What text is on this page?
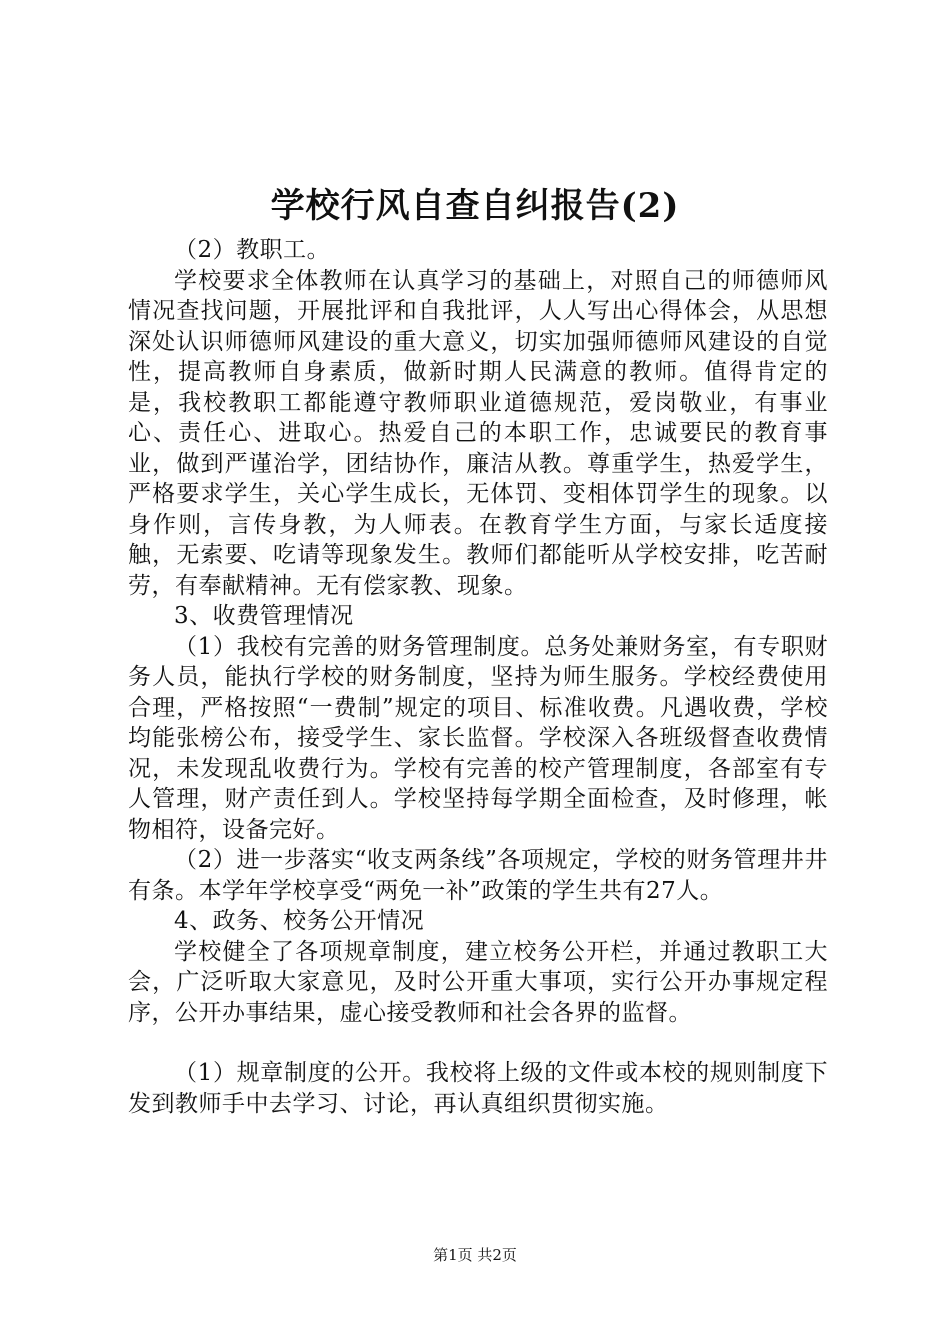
学校行风自查自纠报告(2)

（2）教职工。

学校要求全体教师在认真学习的基础上，对照自己的师德师风情况查找问题，开展批评和自我批评，人人写出心得体会，从思想深处认识师德师风建设的重大意义，切实加强师德师风建设的自觉性，提高教师自身素质，做新时期人民满意的教师。值得肯定的是，我校教职工都能遵守教师职业道德规范，爱岗敬业，有事业心、责任心、进取心。热爱自己的本职工作，忠诚要民的教育事业，做到严谨治学，团结协作，廉洁从教。尊重学生，热爱学生，严格要求学生，关心学生成长，无体罚、变相体罚学生的现象。以身作则，言传身教，为人师表。在教育学生方面，与家长适度接触，无索要、吃请等现象发生。教师们都能听从学校安排，吃苦耐劳，有奉献精神。无有偿家教、现象。

3、收费管理情况

（1）我校有完善的财务管理制度。总务处兼财务室，有专职财务人员，能执行学校的财务制度，坚持为师生服务。学校经费使用合理，严格按照“一费制”规定的项目、标准收费。凡遇收费，学校均能张榜公布，接受学生、家长监督。学校深入各班级督查收费情况，未发现乱收费行为。学校有完善的校产管理制度，各部室有专人管理，财产责任到人。学校坚持每学期全面检查，及时修理，帐物相符，设备完好。

（2）进一步落实“收支两条线”各项规定，学校的财务管理井井有条。本学年学校享受“两免一补”政策的学生共有27人。

4、政务、校务公开情况

学校健全了各项规章制度，建立校务公开栏，并通过教职工大会，广泛听取大家意见，及时公开重大事项，实行公开办事规定程序，公开办事结果，虚心接受教师和社会各界的监督。

（1）规章制度的公开。我校将上级的文件或本校的规则制度下发到教师手中去学习、讨论，再认真组织贯彻实施。

第1页 共2页
